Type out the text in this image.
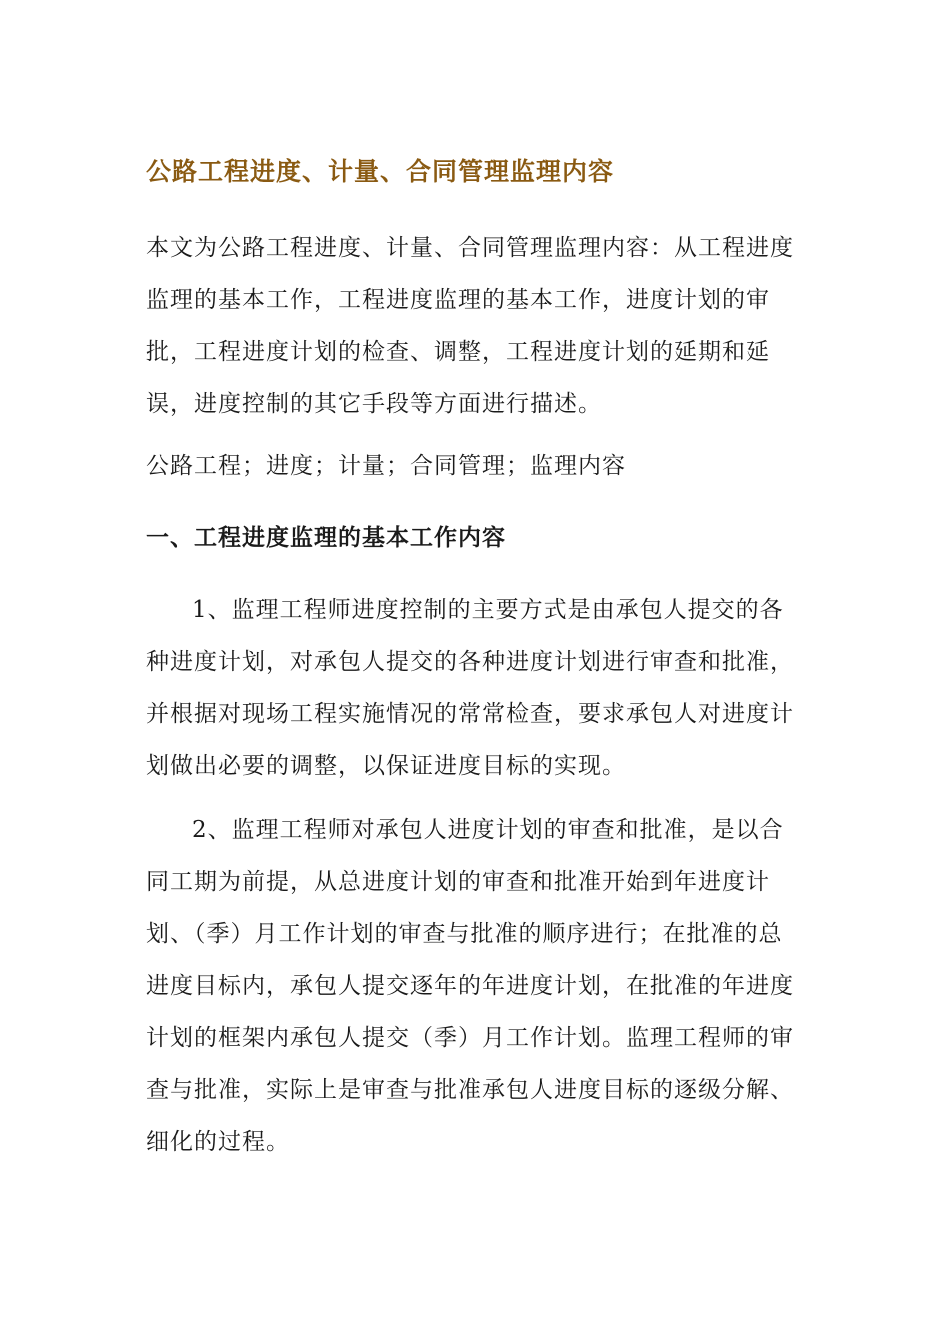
公路工程进度、计量、合同管理监理内容
本文为公路工程进度、计量、合同管理监理内容：从工程进度监理的基本工作，工程进度监理的基本工作，进度计划的审批，工程进度计划的检查、调整，工程进度计划的延期和延误，进度控制的其它手段等方面进行描述。
公路工程；进度；计量；合同管理；监理内容
一、工程进度监理的基本工作内容
1、监理工程师进度控制的主要方式是由承包人提交的各种进度计划，对承包人提交的各种进度计划进行审查和批准，并根据对现场工程实施情况的常常检查，要求承包人对进度计划做出必要的调整，以保证进度目标的实现。
2、监理工程师对承包人进度计划的审查和批准，是以合同工期为前提，从总进度计划的审查和批准开始到年进度计划、（季）月工作计划的审查与批准的顺序进行；在批准的总进度目标内，承包人提交逐年的年进度计划，在批准的年进度计划的框架内承包人提交（季）月工作计划。监理工程师的审查与批准，实际上是审查与批准承包人进度目标的逐级分解、细化的过程。
